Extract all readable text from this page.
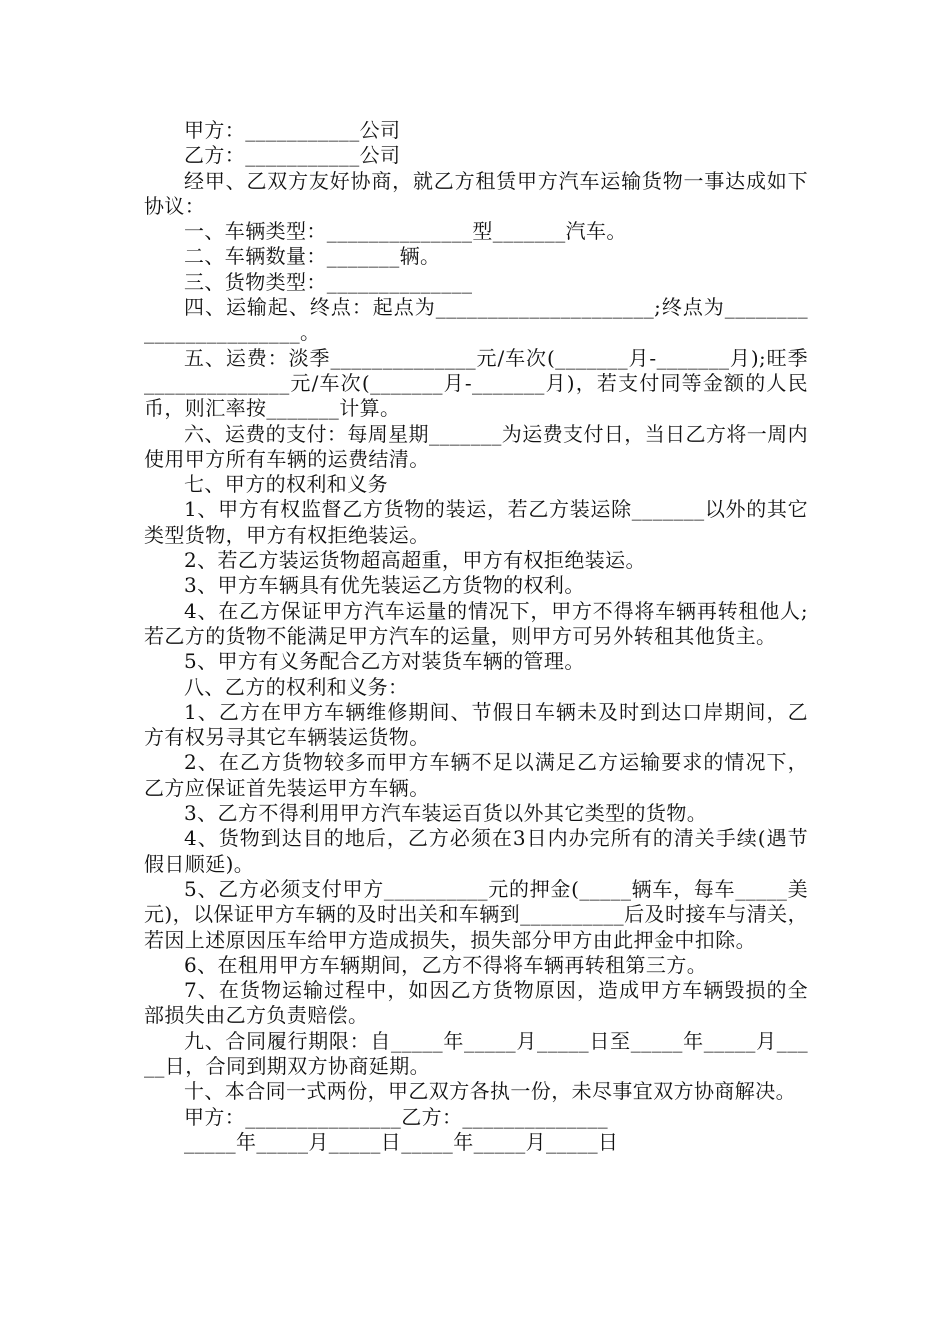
甲方：___________公司

乙方：___________公司

经甲、乙双方友好协商，就乙方租赁甲方汽车运输货物一事达成如下协议：

一、车辆类型：______________型_______汽车。

二、车辆数量：_______辆。

三、货物类型：______________

四、运输起、终点：起点为_____________________;终点为_______________________。

五、运费：淡季______________元/车次(_______月-_______月);旺季______________元/车次(_______月-_______月)，若支付同等金额的人民币，则汇率按_______计算。

六、运费的支付：每周星期_______为运费支付日，当日乙方将一周内使用甲方所有车辆的运费结清。

七、甲方的权利和义务

1、甲方有权监督乙方货物的装运，若乙方装运除_______以外的其它类型货物，甲方有权拒绝装运。

2、若乙方装运货物超高超重，甲方有权拒绝装运。

3、甲方车辆具有优先装运乙方货物的权利。

4、在乙方保证甲方汽车运量的情况下，甲方不得将车辆再转租他人;若乙方的货物不能满足甲方汽车的运量，则甲方可另外转租其他货主。

5、甲方有义务配合乙方对装货车辆的管理。

八、乙方的权利和义务：

1、乙方在甲方车辆维修期间、节假日车辆未及时到达口岸期间，乙方有权另寻其它车辆装运货物。

2、在乙方货物较多而甲方车辆不足以满足乙方运输要求的情况下，乙方应保证首先装运甲方车辆。

3、乙方不得利用甲方汽车装运百货以外其它类型的货物。

4、货物到达目的地后，乙方必须在3日内办完所有的清关手续(遇节假日顺延)。

5、乙方必须支付甲方__________元的押金(_____辆车，每车_____美元)，以保证甲方车辆的及时出关和车辆到__________后及时接车与清关，若因上述原因压车给甲方造成损失，损失部分甲方由此押金中扣除。

6、在租用甲方车辆期间，乙方不得将车辆再转租第三方。

7、在货物运输过程中，如因乙方货物原因，造成甲方车辆毁损的全部损失由乙方负责赔偿。

九、合同履行期限：自_____年_____月_____日至_____年_____月_____日，合同到期双方协商延期。

十、本合同一式两份，甲乙双方各执一份，未尽事宜双方协商解决。

甲方：_______________乙方：______________

_____年_____月_____日_____年_____月_____日
